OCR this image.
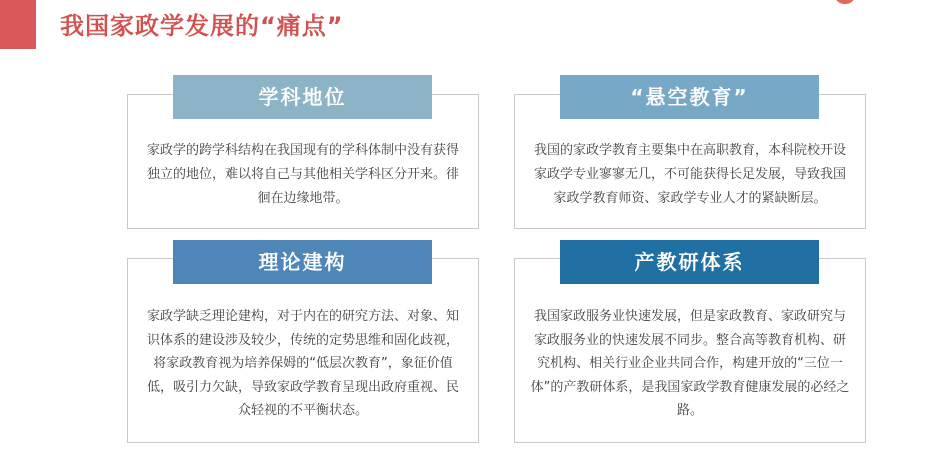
我国家政学发展的“痛点”
家政学的跨学科结构在我国现有的学科体制中没有获得独立的地位，难以将自己与其他相关学科区分开来。徘徊在边缘地带。
我国的家政学教育主要集中在高职教育，本科院校开设家政学专业寥寥无几，不可能获得长足发展，导致我国家政学教育师资、家政学专业人才的紧缺断层。
家政学缺乏理论建构，对于内在的研究方法、对象、知识体系的建设涉及较少，传统的定势思维和固化歧视，将家政教育视为培养保姆的“低层次教育”，象征价值低，吸引力欠缺，导致家政学教育呈现出政府重视、民众轻视的不平衡状态。
我国家政服务业快速发展，但是家政教育、家政研究与家政服务业的快速发展不同步。整合高等教育机构、研究机构、相关行业企业共同合作，构建开放的“三位一体”的产教研体系，是我国家政学教育健康发展的必经之路。
学科地位	“悬空教育”
理论建构	产教研体系
